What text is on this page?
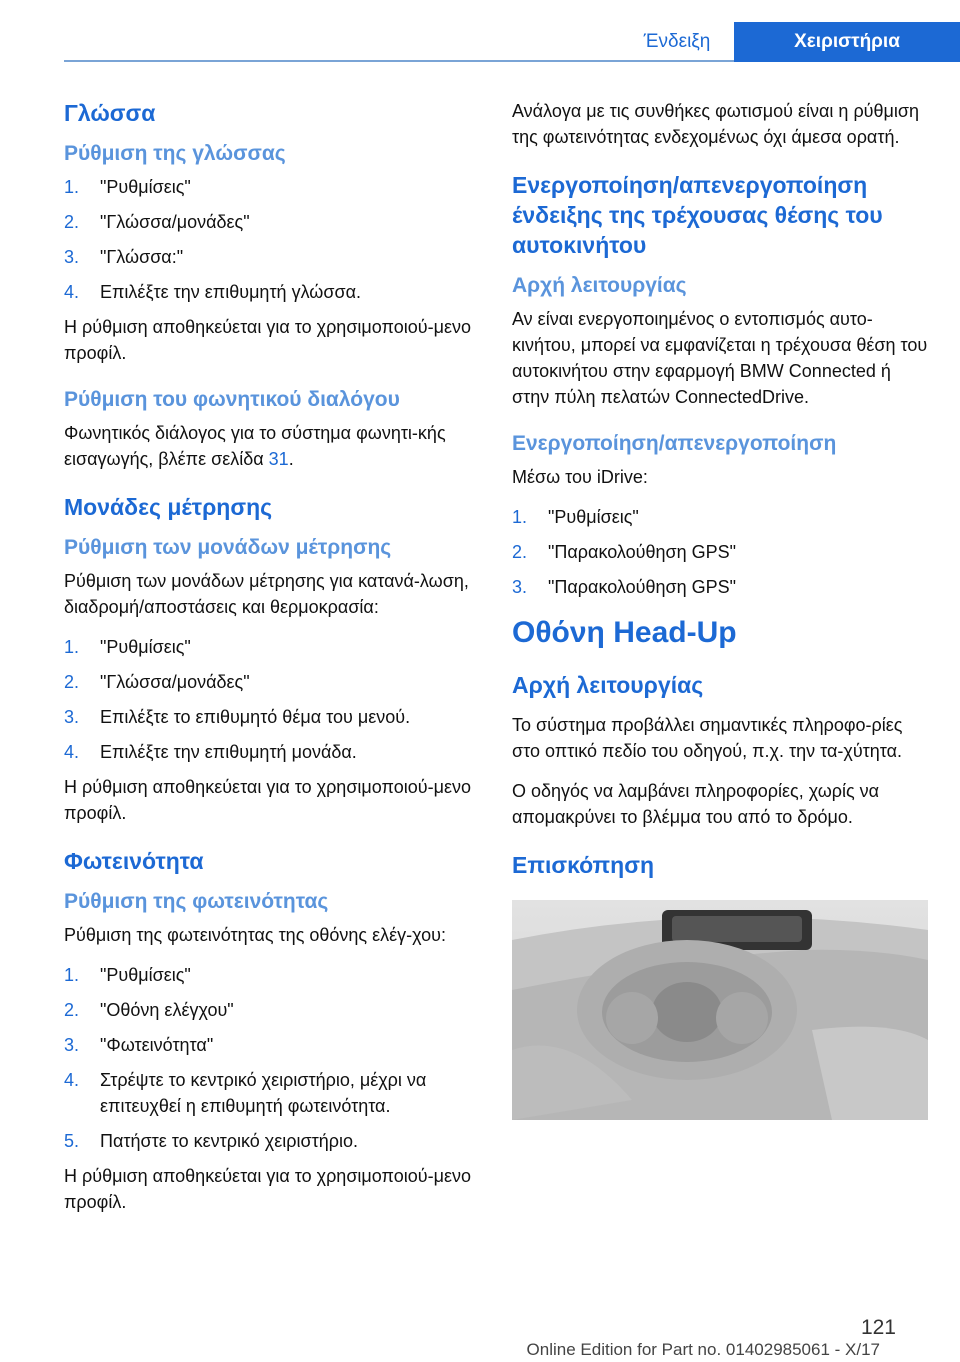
Ένδειξη	Χειριστήρια
Γλώσσα
Ρύθμιση της γλώσσας
1. "Ρυθμίσεις"
2. "Γλώσσα/μονάδες"
3. "Γλώσσα:"
4. Επιλέξτε την επιθυμητή γλώσσα.
Η ρύθμιση αποθηκεύεται για το χρησιμοποιού-μενο προφίλ.
Ρύθμιση του φωνητικού διαλόγου
Φωνητικός διάλογος για το σύστημα φωνητι-κής εισαγωγής, βλέπε σελίδα 31.
Μονάδες μέτρησης
Ρύθμιση των μονάδων μέτρησης
Ρύθμιση των μονάδων μέτρησης για κατανά-λωση, διαδρομή/αποστάσεις και θερμοκρασία:
1. "Ρυθμίσεις"
2. "Γλώσσα/μονάδες"
3. Επιλέξτε το επιθυμητό θέμα του μενού.
4. Επιλέξτε την επιθυμητή μονάδα.
Η ρύθμιση αποθηκεύεται για το χρησιμοποιού-μενο προφίλ.
Φωτεινότητα
Ρύθμιση της φωτεινότητας
Ρύθμιση της φωτεινότητας της οθόνης ελέγ-χου:
1. "Ρυθμίσεις"
2. "Οθόνη ελέγχου"
3. "Φωτεινότητα"
4. Στρέψτε το κεντρικό χειριστήριο, μέχρι να επιτευχθεί η επιθυμητή φωτεινότητα.
5. Πατήστε το κεντρικό χειριστήριο.
Η ρύθμιση αποθηκεύεται για το χρησιμοποιού-μενο προφίλ.
Ανάλογα με τις συνθήκες φωτισμού είναι η ρύθμιση της φωτεινότητας ενδεχομένως όχι άμεσα ορατή.
Ενεργοποίηση/απενεργοποίηση ένδειξης της τρέχουσας θέσης του αυτοκινήτου
Αρχή λειτουργίας
Αν είναι ενεργοποιημένος ο εντοπισμός αυτο-κινήτου, μπορεί να εμφανίζεται η τρέχουσα θέση του αυτοκινήτου στην εφαρμογή BMW Connected ή στην πύλη πελατών ConnectedDrive.
Ενεργοποίηση/απενεργοποίηση
Μέσω του iDrive:
1. "Ρυθμίσεις"
2. "Παρακολούθηση GPS"
3. "Παρακολούθηση GPS"
Οθόνη Head-Up
Αρχή λειτουργίας
Το σύστημα προβάλλει σημαντικές πληροφο-ρίες στο οπτικό πεδίο του οδηγού, π.χ. την τα-χύτητα.
Ο οδηγός να λαμβάνει πληροφορίες, χωρίς να απομακρύνει το βλέμμα του από το δρόμο.
Επισκόπηση
121
Online Edition for Part no. 01402985061 - X/17
